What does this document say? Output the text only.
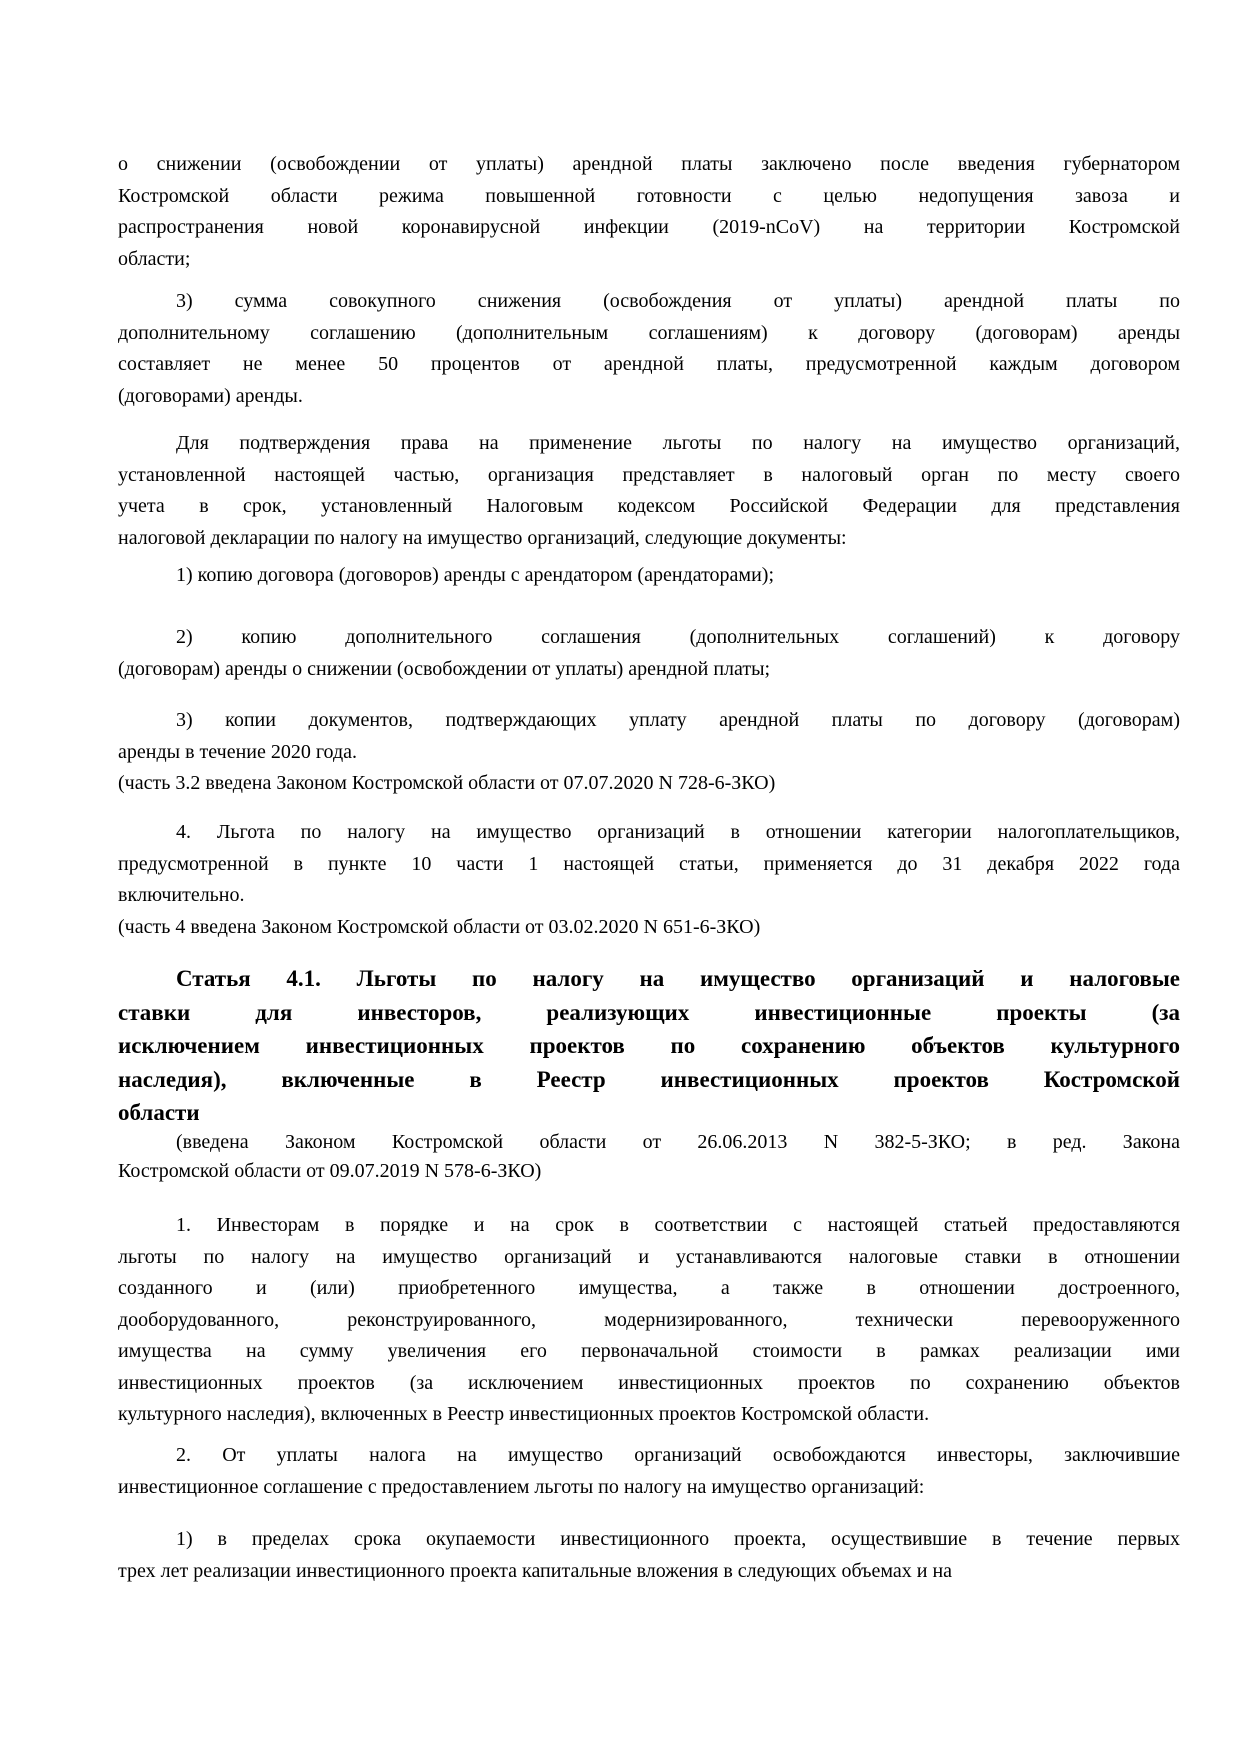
о снижении (освобождении от уплаты) арендной платы заключено после введения губернатором
Костромской области режима повышенной готовности с целью недопущения завоза и
распространения новой коронавирусной инфекции (2019-nCoV) на территории Костромской
области;
3) сумма совокупного снижения (освобождения от уплаты) арендной платы по
дополнительному соглашению (дополнительным соглашениям) к договору (договорам) аренды
составляет не менее 50 процентов от арендной платы, предусмотренной каждым договором
(договорами) аренды.
Для подтверждения права на применение льготы по налогу на имущество организаций,
установленной настоящей частью, организация представляет в налоговый орган по месту своего
учета в срок, установленный Налоговым кодексом Российской Федерации для представления
налоговой декларации по налогу на имущество организаций, следующие документы:
1) копию договора (договоров) аренды с арендатором (арендаторами);
2) копию дополнительного соглашения (дополнительных соглашений) к договору
(договорам) аренды о снижении (освобождении от уплаты) арендной платы;
3) копии документов, подтверждающих уплату арендной платы по договору (договорам)
аренды в течение 2020 года.
(часть 3.2 введена Законом Костромской области от 07.07.2020 N 728-6-ЗКО)
4. Льгота по налогу на имущество организаций в отношении категории налогоплательщиков,
предусмотренной в пункте 10 части 1 настоящей статьи, применяется до 31 декабря 2022 года
включительно.
(часть 4 введена Законом Костромской области от 03.02.2020 N 651-6-ЗКО)
Статья 4.1. Льготы по налогу на имущество организаций и налоговые
ставки для инвесторов, реализующих инвестиционные проекты (за
исключением инвестиционных проектов по сохранению объектов культурного
наследия), включенные в Реестр инвестиционных проектов Костромской
области
(введена Законом Костромской области от 26.06.2013 N 382-5-ЗКО; в ред. Закона
Костромской области от 09.07.2019 N 578-6-ЗКО)
1. Инвесторам в порядке и на срок в соответствии с настоящей статьей предоставляются
льготы по налогу на имущество организаций и устанавливаются налоговые ставки в отношении
созданного и (или) приобретенного имущества, а также в отношении достроенного,
дооборудованного, реконструированного, модернизированного, технически перевооруженного
имущества на сумму увеличения его первоначальной стоимости в рамках реализации ими
инвестиционных проектов (за исключением инвестиционных проектов по сохранению объектов
культурного наследия), включенных в Реестр инвестиционных проектов Костромской области.
2. От уплаты налога на имущество организаций освобождаются инвесторы, заключившие
инвестиционное соглашение с предоставлением льготы по налогу на имущество организаций:
1) в пределах срока окупаемости инвестиционного проекта, осуществившие в течение первых
трех лет реализации инвестиционного проекта капитальные вложения в следующих объемах и на
